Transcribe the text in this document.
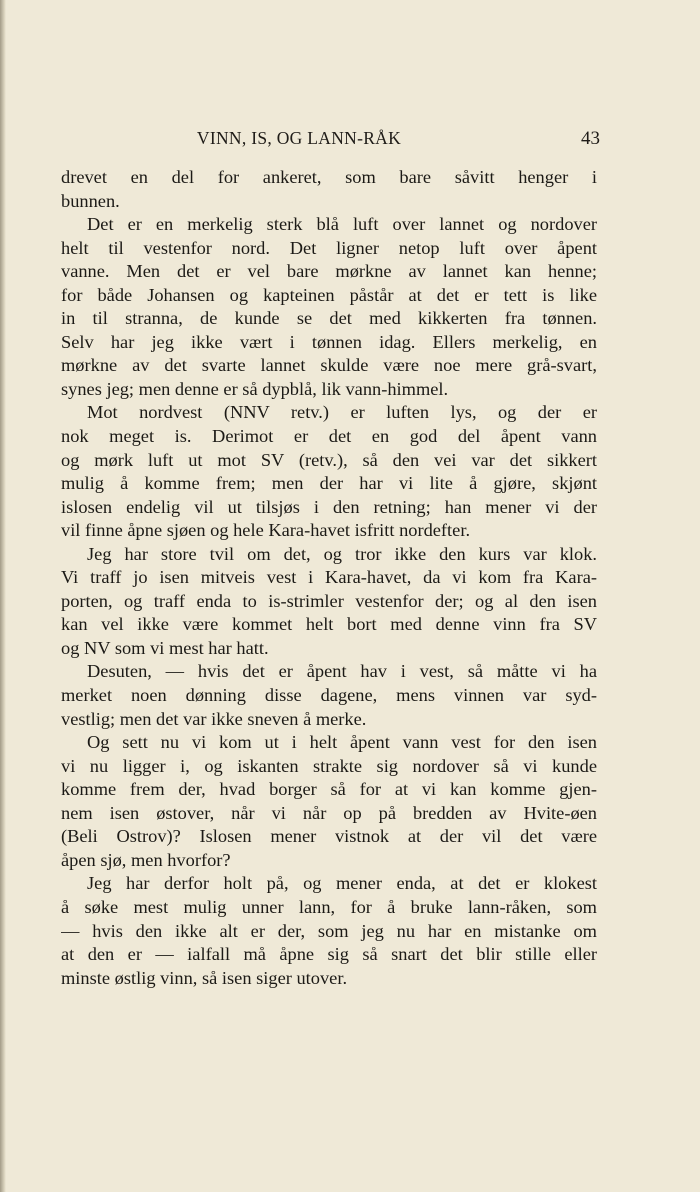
VINN, IS, OG LANN-RÅK	43
drevet en del for ankeret, som bare såvitt henger i
bunnen.
Det er en merkelig sterk blå luft over lannet og nordover
helt til vestenfor nord. Det ligner netop luft over åpent
vanne. Men det er vel bare mørkne av lannet kan henne;
for både Johansen og kapteinen påstår at det er tett is like
in til stranna, de kunde se det med kikkerten fra tønnen.
Selv har jeg ikke vært i tønnen idag. Ellers merkelig, en
mørkne av det svarte lannet skulde være noe mere grå-svart,
synes jeg; men denne er så dypblå, lik vann-himmel.
Mot nordvest (NNV retv.) er luften lys, og der er
nok meget is. Derimot er det en god del åpent vann
og mørk luft ut mot SV (retv.), så den vei var det sikkert
mulig å komme frem; men der har vi lite å gjøre, skjønt
islosen endelig vil ut tilsjøs i den retning; han mener vi der
vil finne åpne sjøen og hele Kara-havet isfritt nordefter.
Jeg har store tvil om det, og tror ikke den kurs var klok.
Vi traff jo isen mitveis vest i Kara-havet, da vi kom fra Kara-
porten, og traff enda to is-strimler vestenfor der; og al den isen
kan vel ikke være kommet helt bort med denne vinn fra SV
og NV som vi mest har hatt.
Desuten, — hvis det er åpent hav i vest, så måtte vi ha
merket noen dønning disse dagene, mens vinnen var syd-
vestlig; men det var ikke sneven å merke.
Og sett nu vi kom ut i helt åpent vann vest for den isen
vi nu ligger i, og iskanten strakte sig nordover så vi kunde
komme frem der, hvad borger så for at vi kan komme gjen-
nem isen østover, når vi når op på bredden av Hvite-øen
(Beli Ostrov)? Islosen mener vistnok at der vil det være
åpen sjø, men hvorfor?
Jeg har derfor holt på, og mener enda, at det er klokest
å søke mest mulig unner lann, for å bruke lann-råken, som
— hvis den ikke alt er der, som jeg nu har en mistanke om
at den er — ialfall må åpne sig så snart det blir stille eller
minste østlig vinn, så isen siger utover.
